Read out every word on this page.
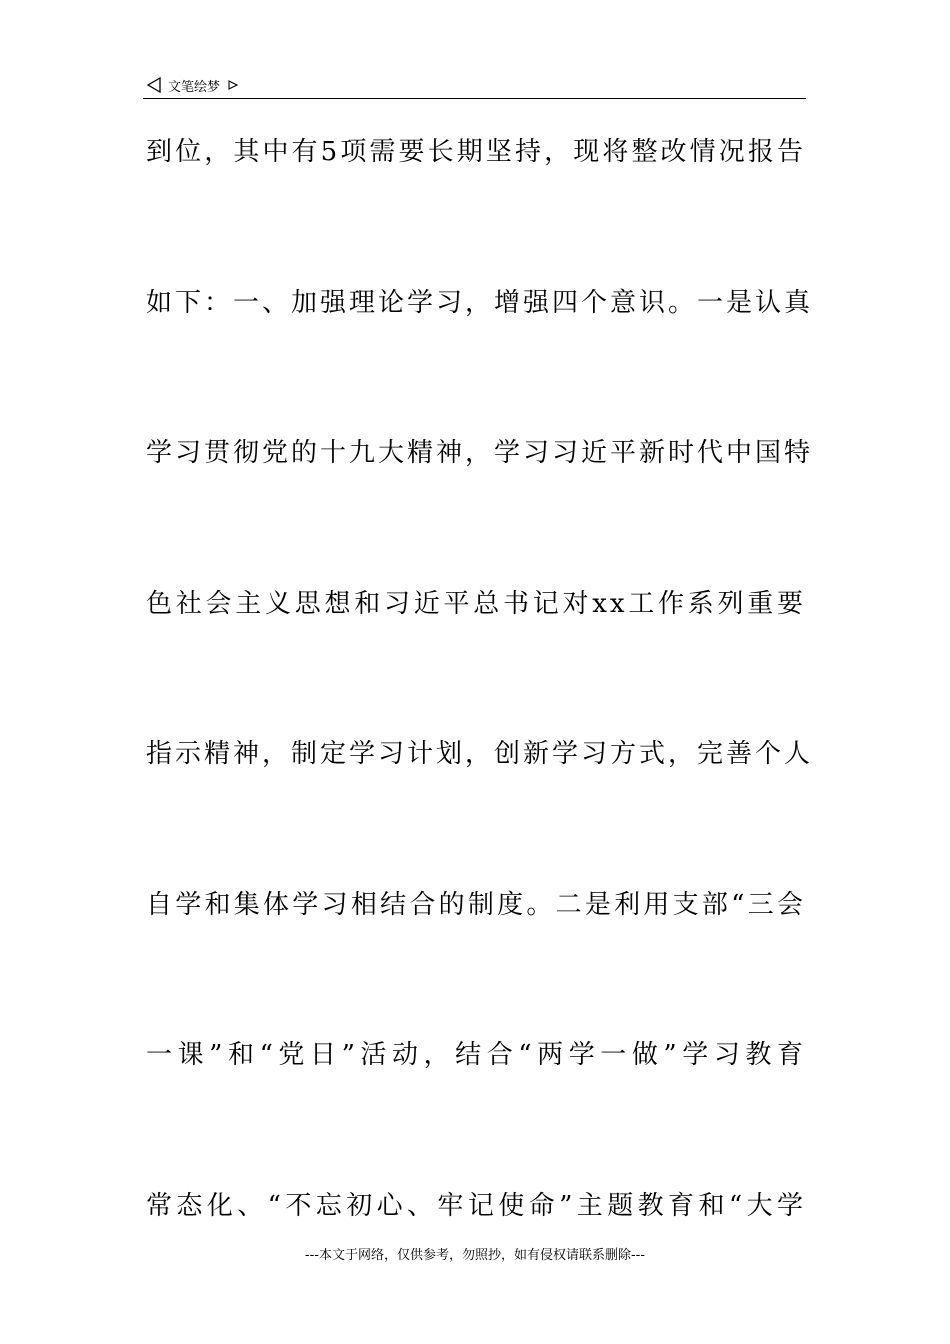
文笔绘梦
到位，其中有5项需要长期坚持，现将整改情况报告
如下：一、加强理论学习，增强四个意识。一是认真
学习贯彻党的十九大精神，学习习近平新时代中国特
色社会主义思想和习近平总书记对xx工作系列重要
指示精神，制定学习计划，创新学习方式，完善个人
自学和集体学习相结合的制度。二是利用支部“三会
一课”和“党日”活动，结合“两学一做”学习教育
常态化、“不忘初心、牢记使命”主题教育和“大学
---本文于网络，仅供参考，勿照抄，如有侵权请联系删除---
